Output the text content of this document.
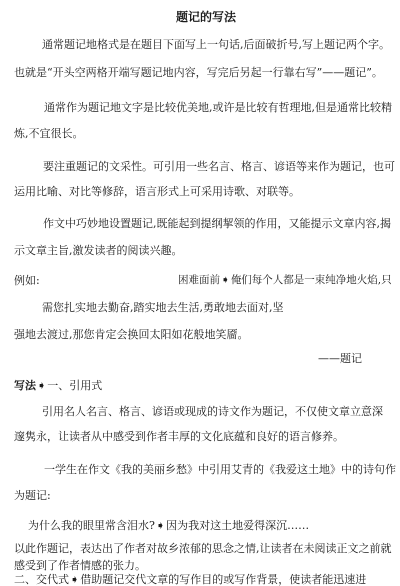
题记的写法
通常题记地格式是在题目下面写上一句话,后面破折号,写上题记两个字。
也就是“开头空两格开端写题记地内容，写完后另起一行靠右写”——题记”。
通常作为题记地文字是比较优美地,或许是比较有哲理地,但是通常比较精
炼,不宜很长。
要注重题记的文采性。可引用一些名言、格言、谚语等来作为题记，也可
运用比喻、对比等修辞，语言形式上可采用诗歌、对联等。
作文中巧妙地设置题记,既能起到提纲挈领的作用，又能提示文章内容,揭
示文章主旨,激发读者的阅读兴趣。
例如:	困难面前➧俺们每个人都是一束纯净地火焰,只
需您扎实地去勤奋,踏实地去生活,勇敢地去面对,坚
强地去渡过,那您肯定会换回太阳如花般地笑靥。
——题记
写法➧一、引用式
引用名人名言、格言、谚语或现成的诗文作为题记，不仅使文章立意深
邃隽永，让读者从中感受到作者丰厚的文化底蕴和良好的语言修养。
一学生在作文《我的美丽乡愁》中引用艾青的《我爱这土地》中的诗句作
为题记:
为什么我的眼里常含泪水?➧因为我对这土地爱得深沉……
以此作题记，表达出了作者对故乡浓郁的思念之情,让读者在未阅读正文之前就
感受到了作者情感的张力。
二、交代式➧借助题记交代文章的写作目的或写作背景，使读者能迅速进
